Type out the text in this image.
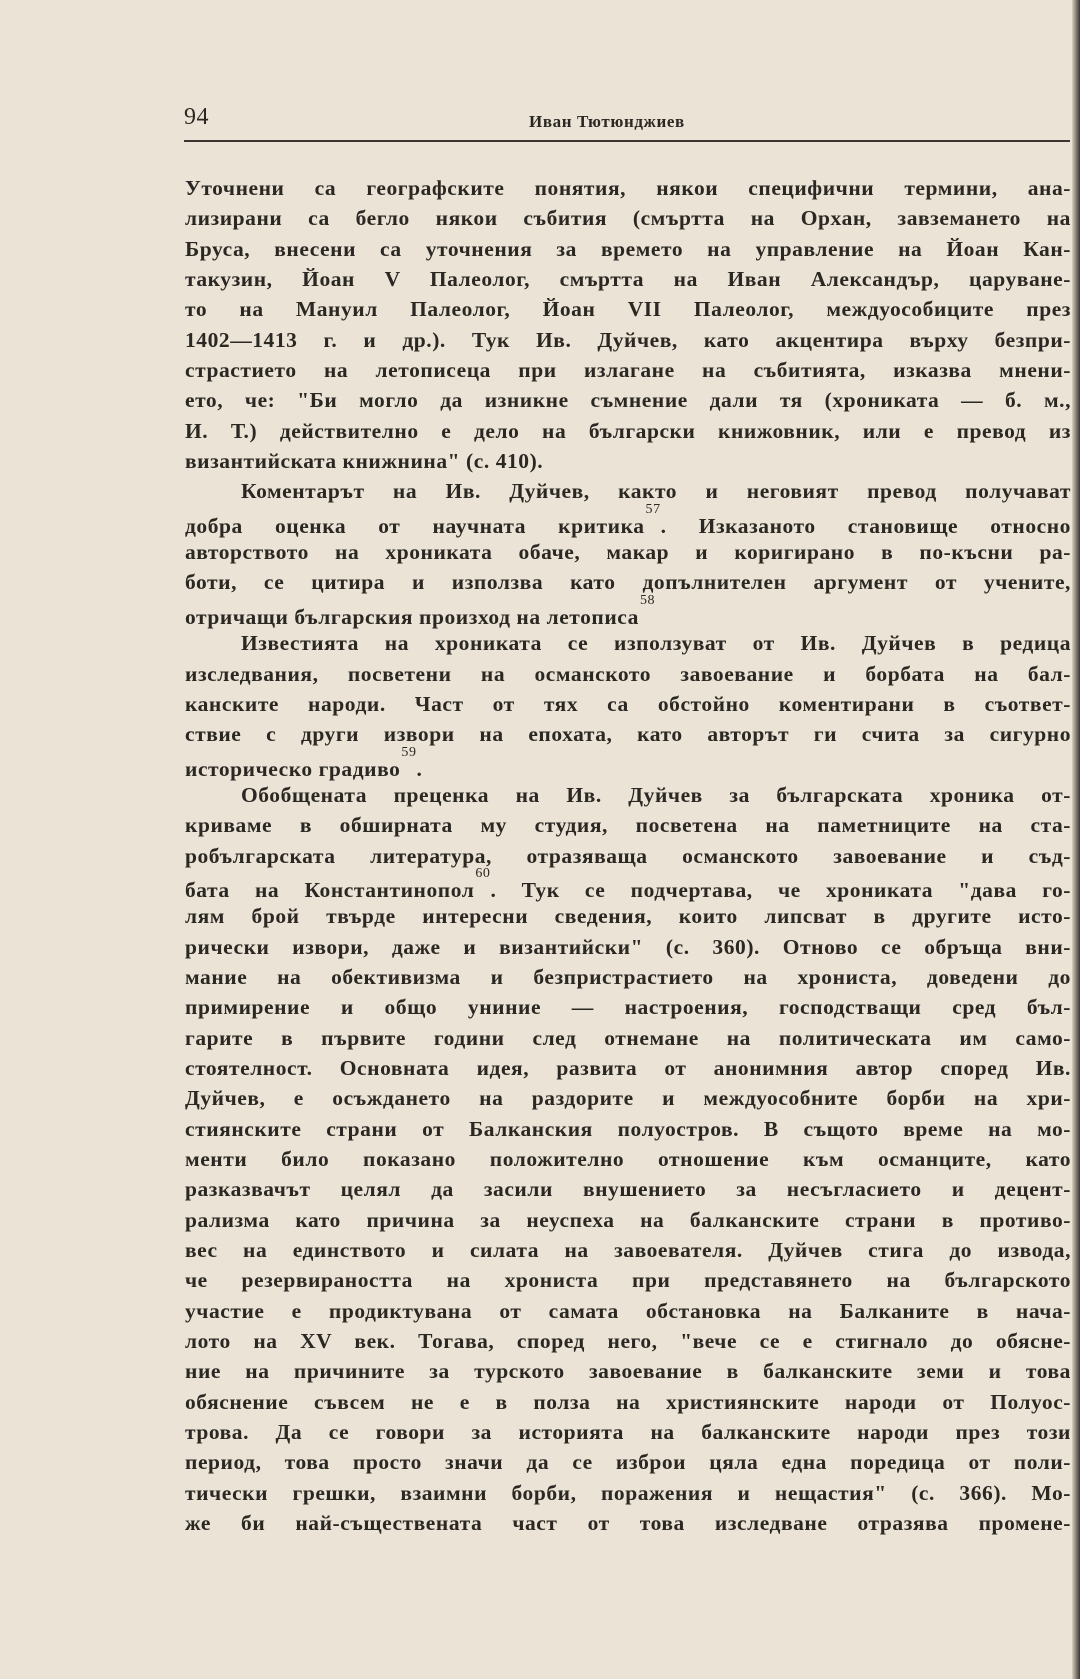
94	Иван Тютюнджиев
Уточнени са географските понятия, някои специфични термини, ана-
лизирани са бегло някои събития (смъртта на Орхан, завземането на
Бруса, внесени са уточнения за времето на управление на Йоан Кан-
такузин, Йоан V Палеолог, смъртта на Иван Александър, царуване-
то на Мануил Палеолог, Йоан VII Палеолог, междуособиците през
1402—1413 г. и др.). Тук Ив. Дуйчев, като акцентира върху безпри-
страстието на летописеца при излагане на събитията, изказва мнени-
ето, че: "Би могло да изникне съмнение дали тя (хрониката — б. м.,
И. Т.) действително е дело на български книжовник, или е превод из
византийската книжнина" (с. 410).
Коментарът на Ив. Дуйчев, както и неговият превод получават
добра оценка от научната критика$^{57}$. Изказаното становище относно
авторството на хрониката обаче, макар и коригирано в по-късни ра-
боти, се цитира и използва като допълнителен аргумент от учените,
отричащи българския произход на летописа$^{58}$
Известията на хрониката се използуват от Ив. Дуйчев в редица
изследвания, посветени на османското завоевание и борбата на бал-
канските народи. Част от тях са обстойно коментирани в съответ-
ствие с други извори на епохата, като авторът ги счита за сигурно
историческо градиво$^{59}$.
Обобщената преценка на Ив. Дуйчев за българската хроника от-
криваме в обширната му студия, посветена на паметниците на ста-
робългарската литература, отразяваща османското завоевание и съд-
бата на Константинопол$^{60}$. Тук се подчертава, че хрониката "дава го-
лям брой твърде интересни сведения, които липсват в другите исто-
рически извори, даже и византийски" (с. 360). Отново се обръща вни-
мание на обективизма и безпристрастието на хрониста, доведени до
примирение и общо униние — настроения, господстващи сред бъл-
гарите в първите години след отнемане на политическата им само-
стоятелност. Основната идея, развита от анонимния автор според Ив.
Дуйчев, е осъждането на раздорите и междуособните борби на хри-
стиянските страни от Балканския полуостров. В същото време на мо-
менти било показано положително отношение към османците, като
разказвачът целял да засили внушението за несъгласието и децент-
рализма като причина за неуспеха на балканските страни в противо-
вес на единството и силата на завоевателя. Дуйчев стига до извода,
че резервираността на хрониста при представянето на българското
участие е продиктувана от самата обстановка на Балканите в нача-
лото на XV век. Тогава, според него, "вече се е стигнало до обясне-
ние на причините за турското завоевание в балканските земи и това
обяснение съвсем не е в полза на християнските народи от Полуос-
трова. Да се говори за историята на балканските народи през този
период, това просто значи да се изброи цяла една поредица от поли-
тически грешки, взаимни борби, поражения и нещастия" (с. 366). Мо-
же би най-съществената част от това изследване отразява промене-
